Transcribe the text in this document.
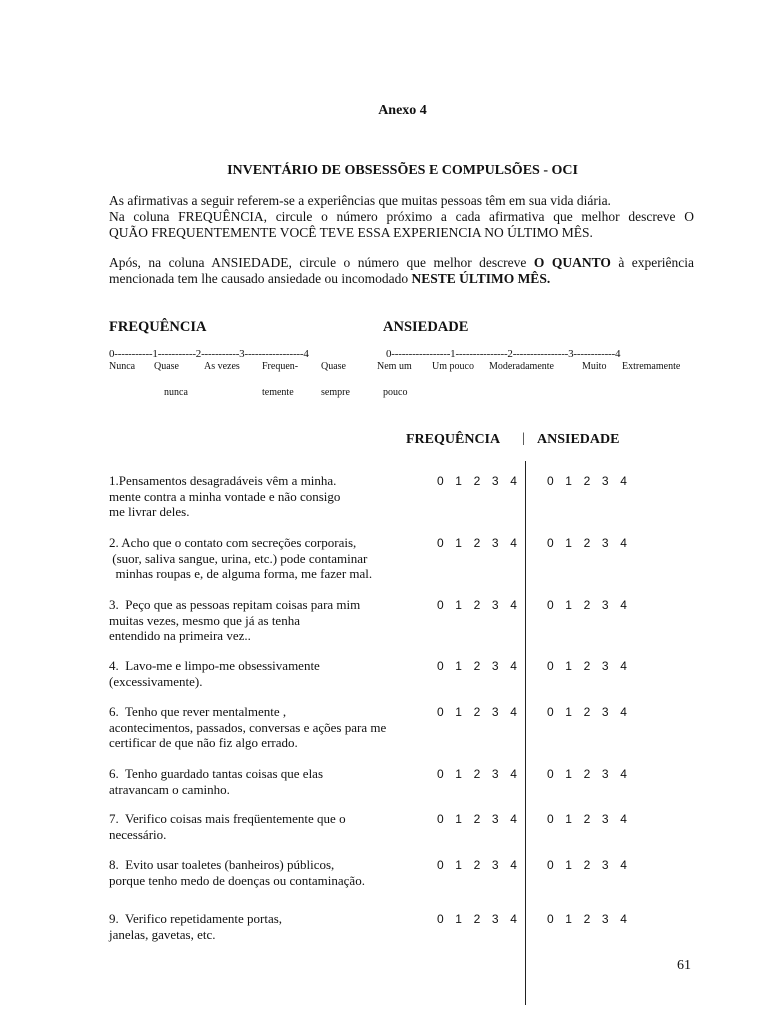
Anexo 4
INVENTÁRIO DE OBSESSÕES E COMPULSÕES - OCI

As afirmativas a seguir referem-se a experiências que muitas pessoas têm em sua vida diária.

Na coluna FREQUÊNCIA, circule o número próximo a cada afirmativa que melhor descreve O

QUÃO FREQUENTEMENTE VOCÊ TEVE ESSA EXPERIENCIA NO ÚLTIMO MÊS.

Após, na coluna ANSIEDADE, circule o número que melhor descreve O QUANTO à experiência

mencionada tem lhe causado ansiedade ou incomodado NESTE ÚLTIMO MÊS.

FREQUÊNCIA	ANSIEDADE
0-----------1-----------2-----------3-----------------4	0-----------------1---------------2----------------3------------4
Nunca Quase	As vezes Frequen- Quase	Nem um Um pouco Moderadamente	Muito Extremamente
nunca	temente	sempre	pouco
FREQUÊNCIA | ANSIEDADE
1.Pensamentos desagradáveis vêm a minha.
mente contra a minha vontade e não consigo
me livrar deles.
0 1 2 3 4	0 1 2 3 4
2. Acho que o contato com secreções corporais,
(suor, saliva sangue, urina, etc.) pode contaminar
minhas roupas e, de alguma forma, me fazer mal.
0 1 2 3 4	0 1 2 3 4
3.  Peço que as pessoas repitam coisas para mim
muitas vezes, mesmo que já as tenha
entendido na primeira vez..
0 1 2 3 4	0 1 2 3 4
4.  Lavo-me e limpo-me obsessivamente
(excessivamente).
0 1 2 3 4	0 1 2 3 4
6.  Tenho que rever mentalmente ,
acontecimentos, passados, conversas e ações para me
certificar de que não fiz algo errado.
0 1 2 3 4	0 1 2 3 4
6.  Tenho guardado tantas coisas que elas
atravancam o caminho.
0 1 2 3 4	0 1 2 3 4
7.  Verifico coisas mais freqüentemente que o
necessário.
0 1 2 3 4	0 1 2 3 4
8.  Evito usar toaletes (banheiros) públicos,
porque tenho medo de doenças ou contaminação.
0 1 2 3 4	0 1 2 3 4
9.  Verifico repetidamente portas,
janelas, gavetas, etc.
0 1 2 3 4	0 1 2 3 4
61
